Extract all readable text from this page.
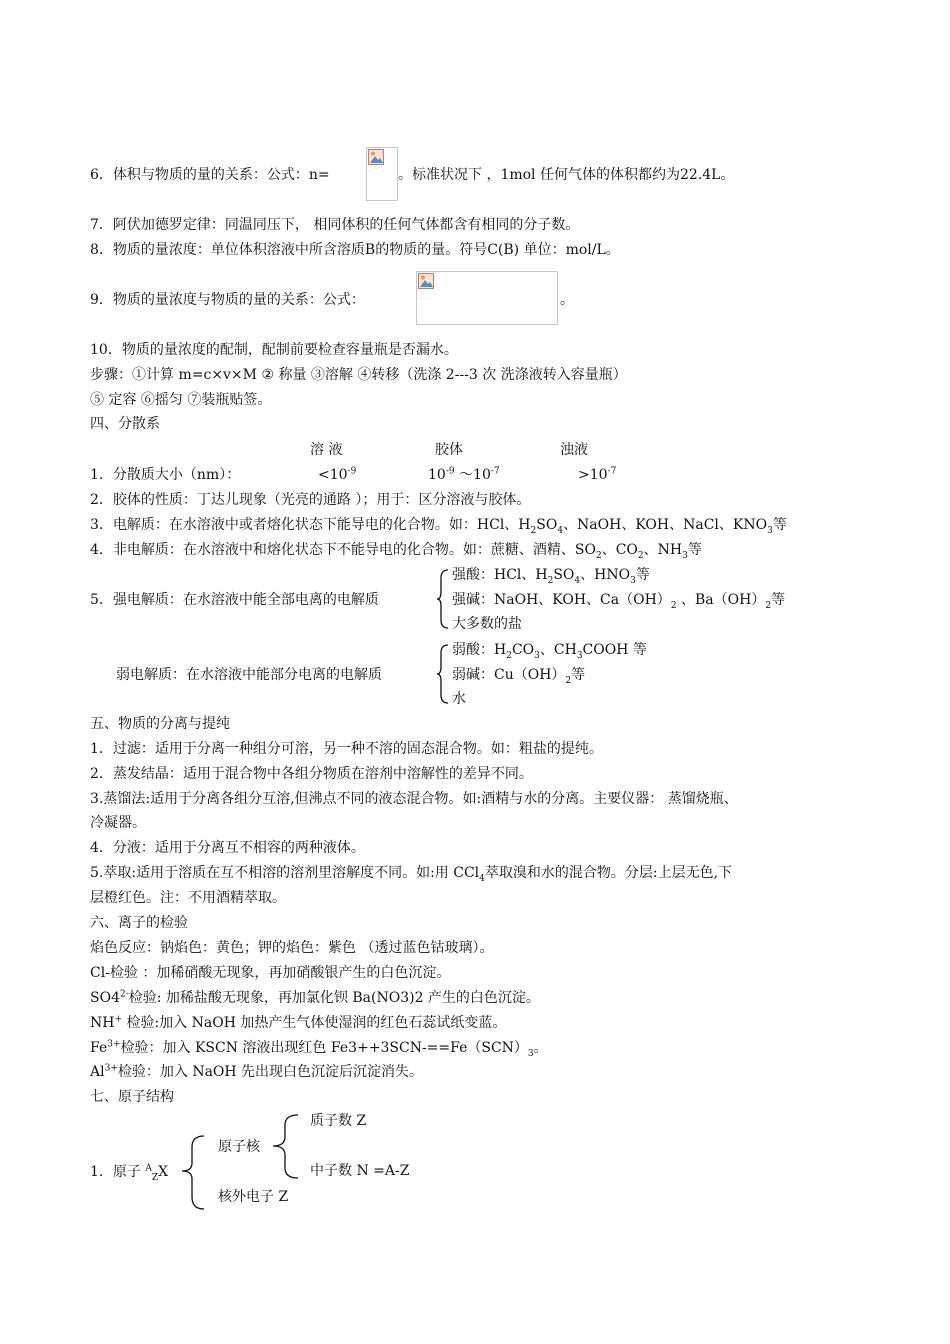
6．体积与物质的量的关系：公式：n=	。标准状况下 ，1mol 任何气体的体积都约为22.4L。
7．阿伏加德罗定律：同温同压下， 相同体积的任何气体都含有相同的分子数。
8．物质的量浓度：单位体积溶液中所含溶质B的物质的量。符号C(B) 单位：mol/L。
9．物质的量浓度与物质的量的关系：公式：	。
10．物质的量浓度的配制，配制前要检查容量瓶是否漏水。
步骤：①计算 m=c×v×M ② 称量 ③溶解 ④转移（洗涤 2---3 次 洗涤液转入容量瓶）
⑤ 定容 ⑥摇匀 ⑦装瓶贴签。
四、分散系
溶 液	胶体	浊液
1．分散质大小（nm）：	$<10^{-9}$	$10^{-9}$ $\sim 10^{-7}$	$>10^{-7}$
2．胶体的性质：丁达儿现象（光亮的通路 ）；用于：区分溶液与胶体。
3．电解质：在水溶液中或者熔化状态下能导电的化合物。如：HCl、$H_2SO_4$、NaOH、KOH、NaCl、$KNO_3$等
4．非电解质：在水溶液中和熔化状态下不能导电的化合物。如：蔗糖、酒精、$SO_2$、$CO_2$、$NH_3$等
5．强电解质：在水溶液中能全部电离的电解质
强酸：HCl、$H_2SO_4$、$HNO_3$等
强碱：NaOH、KOH、$Ca(OH)_2$ 、$Ba(OH)_2$等
大多数的盐
弱电解质：在水溶液中能部分电离的电解质
弱酸：$H_2CO_3$、$CH_3COOH$ 等
弱碱：$Cu(OH)_2$等
水
五、物质的分离与提纯
1．过滤：适用于分离一种组分可溶，另一种不溶的固态混合物。如：粗盐的提纯。
2．蒸发结晶：适用于混合物中各组分物质在溶剂中溶解性的差异不同。
3.蒸馏法:适用于分离各组分互溶,但沸点不同的液态混合物。如:酒精与水的分离。主要仪器： 蒸馏烧瓶、
冷凝器。
4．分液：适用于分离互不相容的两种液体。
5.萃取:适用于溶质在互不相溶的溶剂里溶解度不同。如:用 CCl$_4$萃取溴和水的混合物。分层:上层无色,下
层橙红色。注：不用酒精萃取。
六、离子的检验
焰色反应：钠焰色：黄色；钾的焰色：紫色 （透过蓝色钴玻璃）。
Cl-检验 ：加稀硝酸无现象，再加硝酸银产生的白色沉淀。
$SO4^{2-}$检验: 加稀盐酸无现象，再加氯化钡 Ba(NO3)2 产生的白色沉淀。
NH+ 检验:加入 NaOH 加热产生气体使湿润的红色石蕊试纸变蓝。
$Fe^{3+}$检验：加入 KSCN 溶液出现红色 $Fe3++3SCN-==Fe(SCN)_3$。
$Al^{3+}$检验：加入 NaOH 先出现白色沉淀后沉淀消失。
七、原子结构
1．原子 $^A_Z$X
原子核
核外电子 Z
质子数 Z
中子数 N =A-Z
